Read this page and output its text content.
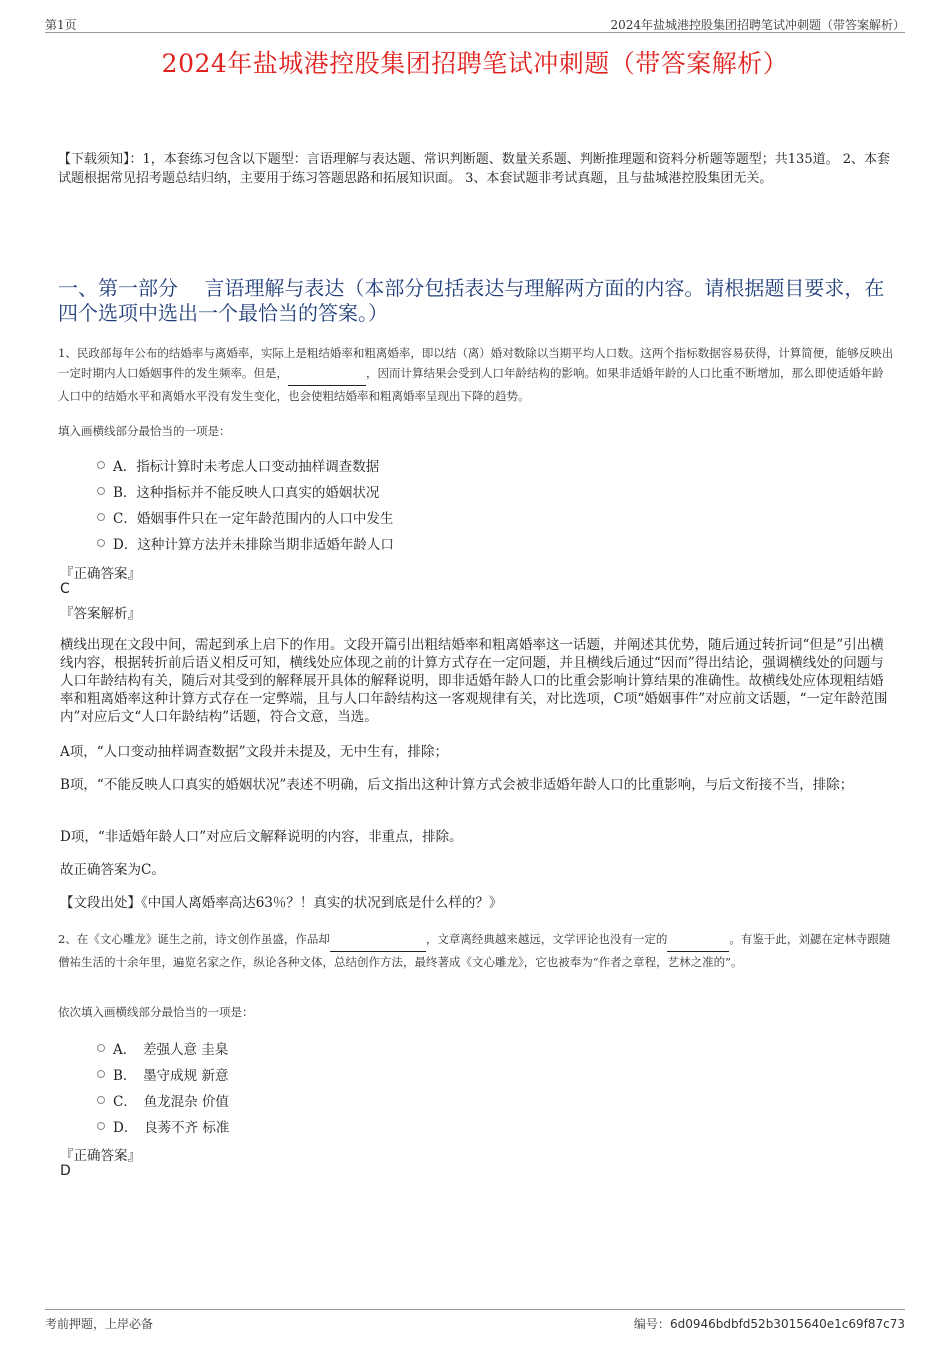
第1页	2024年盐城港控股集团招聘笔试冲刺题（带答案解析）
2024年盐城港控股集团招聘笔试冲刺题（带答案解析）
【下载须知】：1，本套练习包含以下题型：言语理解与表达题、常识判断题、数量关系题、判断推理题和资料分析题等题型；共135道。 2、本套试题根据常见招考题总结归纳，主要用于练习答题思路和拓展知识面。 3、本套试题非考试真题，且与盐城港控股集团无关。
一、第一部分　 言语理解与表达（本部分包括表达与理解两方面的内容。请根据题目要求，在四个选项中选出一个最恰当的答案。）
1、民政部每年公布的结婚率与离婚率，实际上是粗结婚率和粗离婚率，即以结（离）婚对数除以当期平均人口数。这两个指标数据容易获得，计算简便，能够反映出一定时期内人口婚姻事件的发生频率。但是，	，因而计算结果会受到人口年龄结构的影响。如果非适婚年龄的人口比重不断增加，那么即使适婚年龄人口中的结婚水平和离婚水平没有发生变化，也会使粗结婚率和粗离婚率呈现出下降的趋势。
填入画横线部分最恰当的一项是：
A．指标计算时未考虑人口变动抽样调查数据
B．这种指标并不能反映人口真实的婚姻状况
C．婚姻事件只在一定年龄范围内的人口中发生
D．这种计算方法并未排除当期非适婚年龄人口
『正确答案』
C
『答案解析』
横线出现在文段中间，需起到承上启下的作用。文段开篇引出粗结婚率和粗离婚率这一话题，并阐述其优势，随后通过转折词“但是”引出横线内容，根据转折前后语义相反可知，横线处应体现之前的计算方式存在一定问题，并且横线后通过“因而”得出结论，强调横线处的问题与人口年龄结构有关，随后对其受到的解释展开具体的解释说明，即非适婚年龄人口的比重会影响计算结果的准确性。故横线处应体现粗结婚率和粗离婚率这种计算方式存在一定弊端，且与人口年龄结构这一客观规律有关，对比选项，C项“婚姻事件”对应前文话题，“一定年龄范围内”对应后文“人口年龄结构”话题，符合文意，当选。
A项，“人口变动抽样调查数据”文段并未提及，无中生有，排除；
B项，“不能反映人口真实的婚姻状况”表述不明确，后文指出这种计算方式会被非适婚年龄人口的比重影响，与后文衔接不当，排除；
D项，“非适婚年龄人口”对应后文解释说明的内容，非重点，排除。
故正确答案为C。
【文段出处】《中国人离婚率高达63％？！真实的状况到底是什么样的？》
2、在《文心雕龙》诞生之前，诗文创作虽盛，作品却	，文章离经典越来越远，文学评论也没有一定的	。有鉴于此，刘勰在定林寺跟随僧祐生活的十余年里，遍览名家之作，纵论各种文体，总结创作方法，最终著成《文心雕龙》，它也被奉为“作者之章程，艺林之准的”。
依次填入画横线部分最恰当的一项是：
A．　差强人意 圭臬
B．　墨守成规 新意
C．　鱼龙混杂 价值
D．　良莠不齐 标准
『正确答案』
D
考前押题，上岸必备	编号：6d0946bdbfd52b3015640e1c69f87c73
